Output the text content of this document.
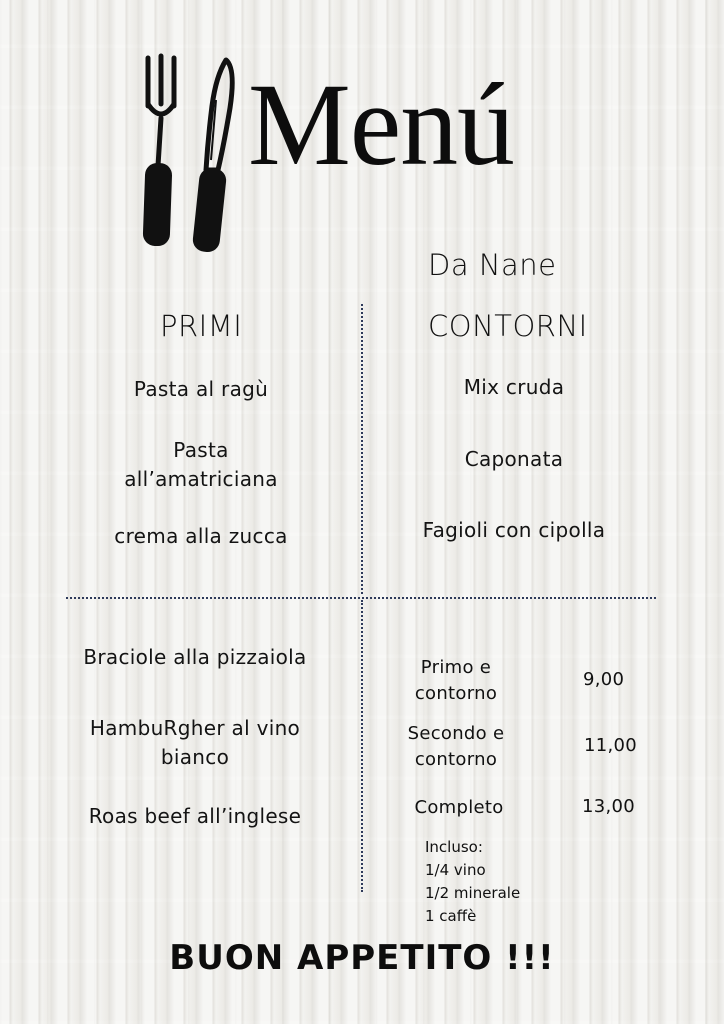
Menú
Da Nane
PRIMI
Pasta al ragù
Pasta
all’amatriciana
crema alla zucca
CONTORNI
Mix cruda
Caponata
Fagioli con cipolla
Braciole alla pizzaiola
HambuRgher al vino
bianco
Roas beef all’inglese
Primo e
contorno
9,00
Secondo e
contorno
11,00
Completo	13,00
Incluso:
1/4 vino
1/2 minerale
1 caffè
BUON APPETITO !!!
